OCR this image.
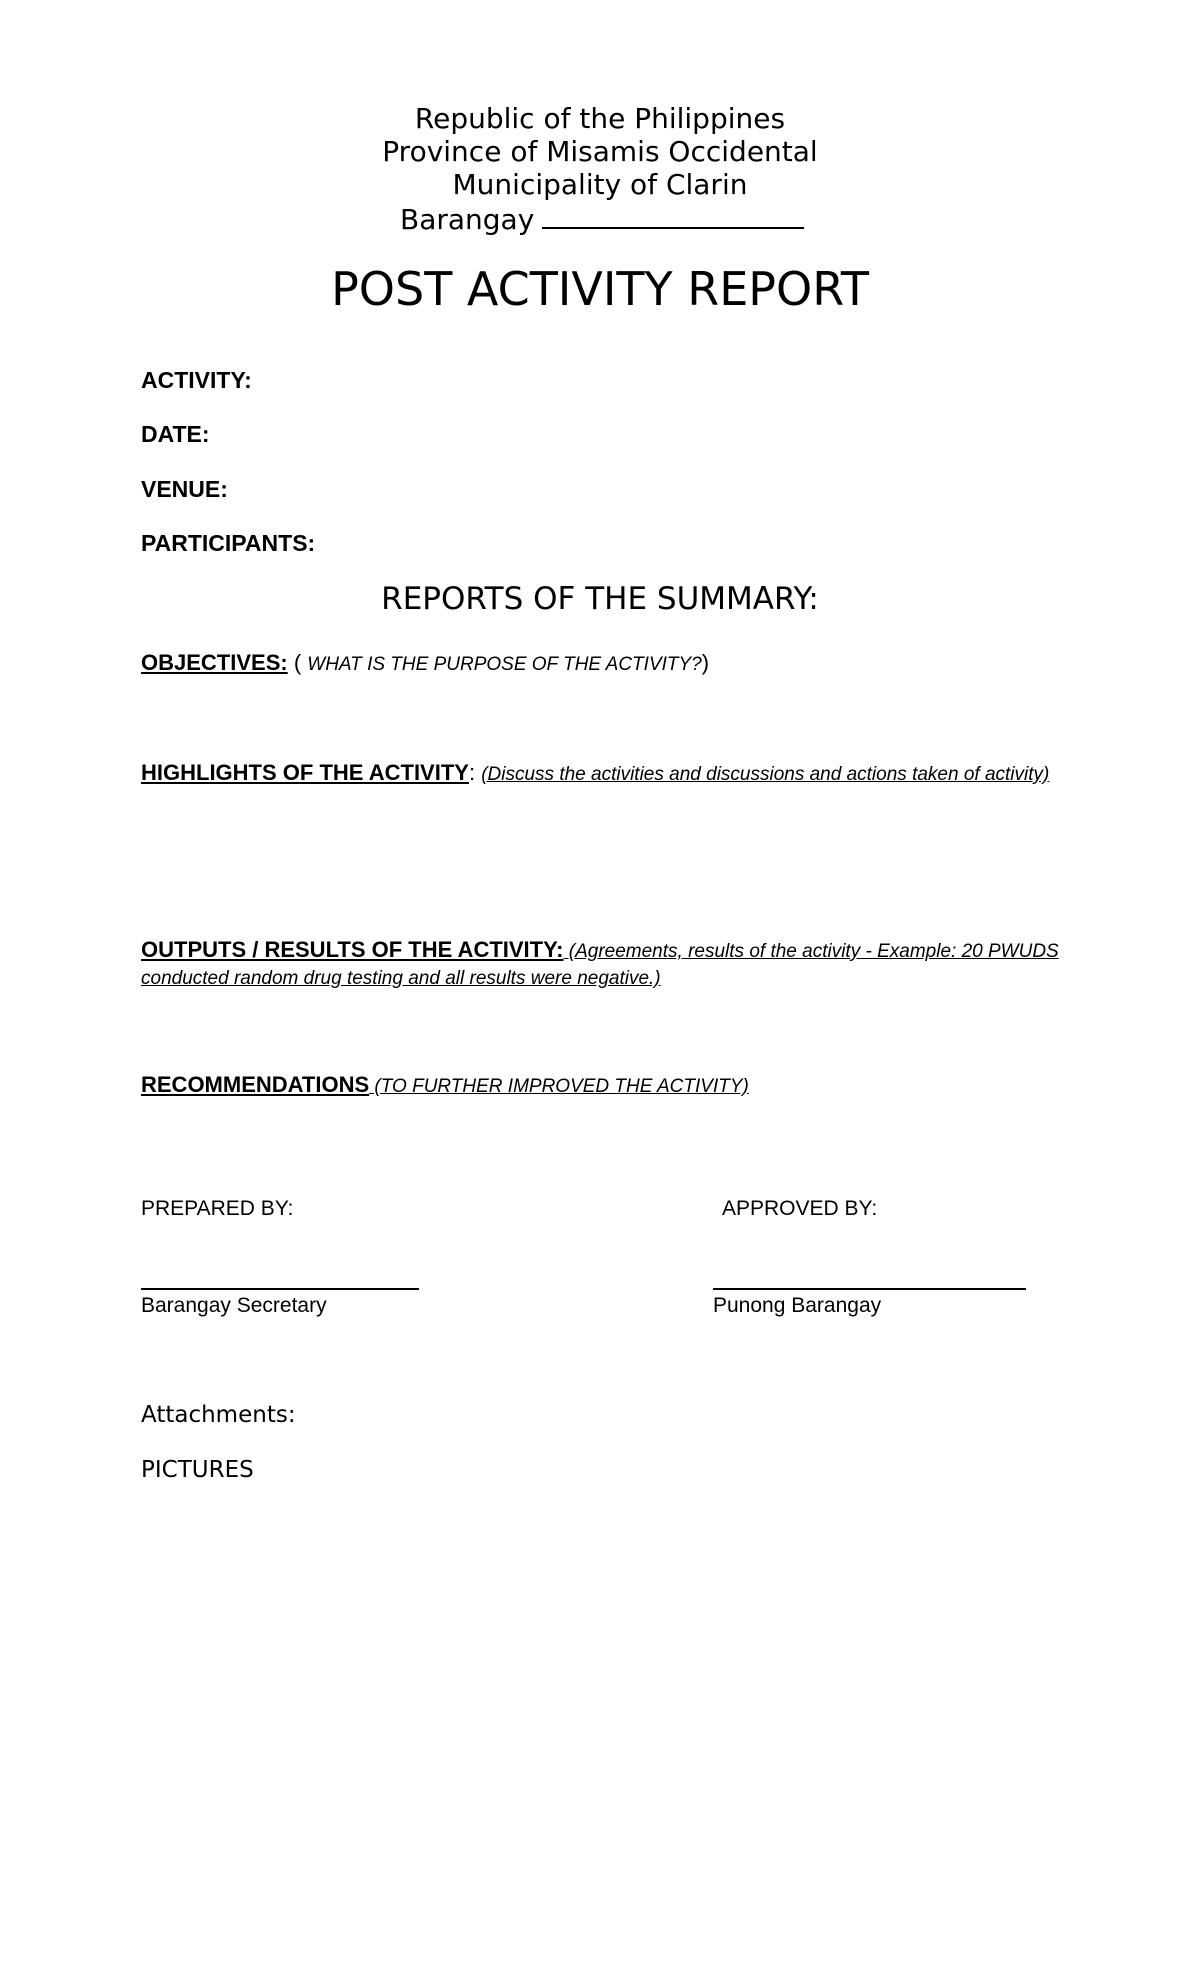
Republic of the Philippines
Province of Misamis Occidental
Municipality of Clarin
Barangay
POST ACTIVITY REPORT
ACTIVITY:
DATE:
VENUE:
PARTICIPANTS:
REPORTS OF THE SUMMARY:
OBJECTIVES: ( WHAT IS THE PURPOSE OF THE ACTIVITY?)
HIGHLIGHTS OF THE ACTIVITY: (Discuss the activities and discussions and actions taken of activity)
OUTPUTS / RESULTS OF THE ACTIVITY: (Agreements, results of the activity - Example: 20 PWUDS conducted random drug testing and all results were negative.)
RECOMMENDATIONS (TO FURTHER IMPROVED THE ACTIVITY)
PREPARED BY:	APPROVED BY:
Barangay Secretary	Punong Barangay
Attachments:
PICTURES
